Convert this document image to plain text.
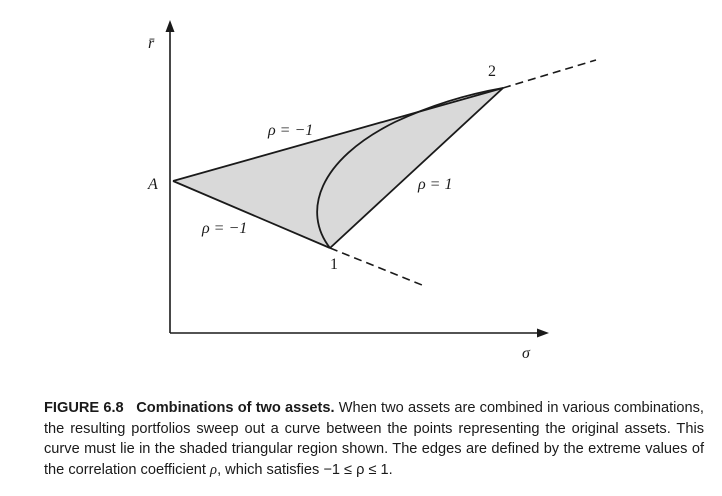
r̄
σ
A
1
2
ρ = −1
ρ = −1
ρ = 1
FIGURE 6.8 Combinations of two assets. When two assets are combined in various combinations, the resulting portfolios sweep out a curve between the points representing the original assets. This curve must lie in the shaded triangular region shown. The edges are defined by the extreme values of the correlation coefficient ρ, which satisfies −1 ≤ ρ ≤ 1.
